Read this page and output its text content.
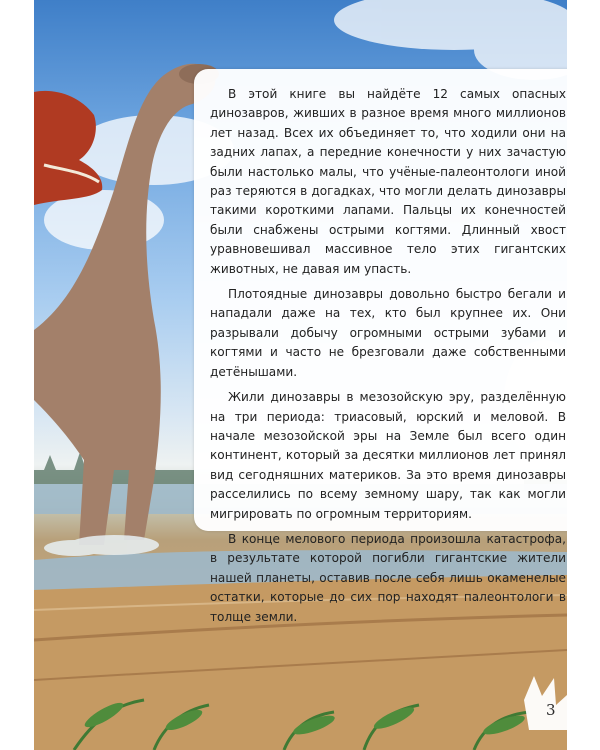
В этой книге вы найдёте 12 самых опасных динозавров, живших в разное время много миллионов лет назад. Всех их объединяет то, что ходили они на задних лапах, а передние конечности у них зачастую были настолько малы, что учёные-палеонтологи иной раз теряются в догадках, что могли делать динозавры такими короткими лапами. Пальцы их конечностей были снабжены острыми когтями. Длинный хвост уравновешивал массивное тело этих гигантских животных, не давая им упасть.

Плотоядные динозавры довольно быстро бегали и нападали даже на тех, кто был крупнее их. Они разрывали добычу огромными острыми зубами и когтями и часто не брезговали даже собственными детёнышами.

Жили динозавры в мезозойскую эру, разделённую на три периода: триасовый, юрский и меловой. В начале мезозойской эры на Земле был всего один континент, который за десятки миллионов лет принял вид сегодняшних материков. За это время динозавры расселились по всему земному шару, так как могли мигрировать по огромным территориям.

В конце мелового периода произошла катастрофа, в результате которой погибли гигантские жители нашей планеты, оставив после себя лишь окаменелые остатки, которые до сих пор находят палеонтологи в толще земли.

3
